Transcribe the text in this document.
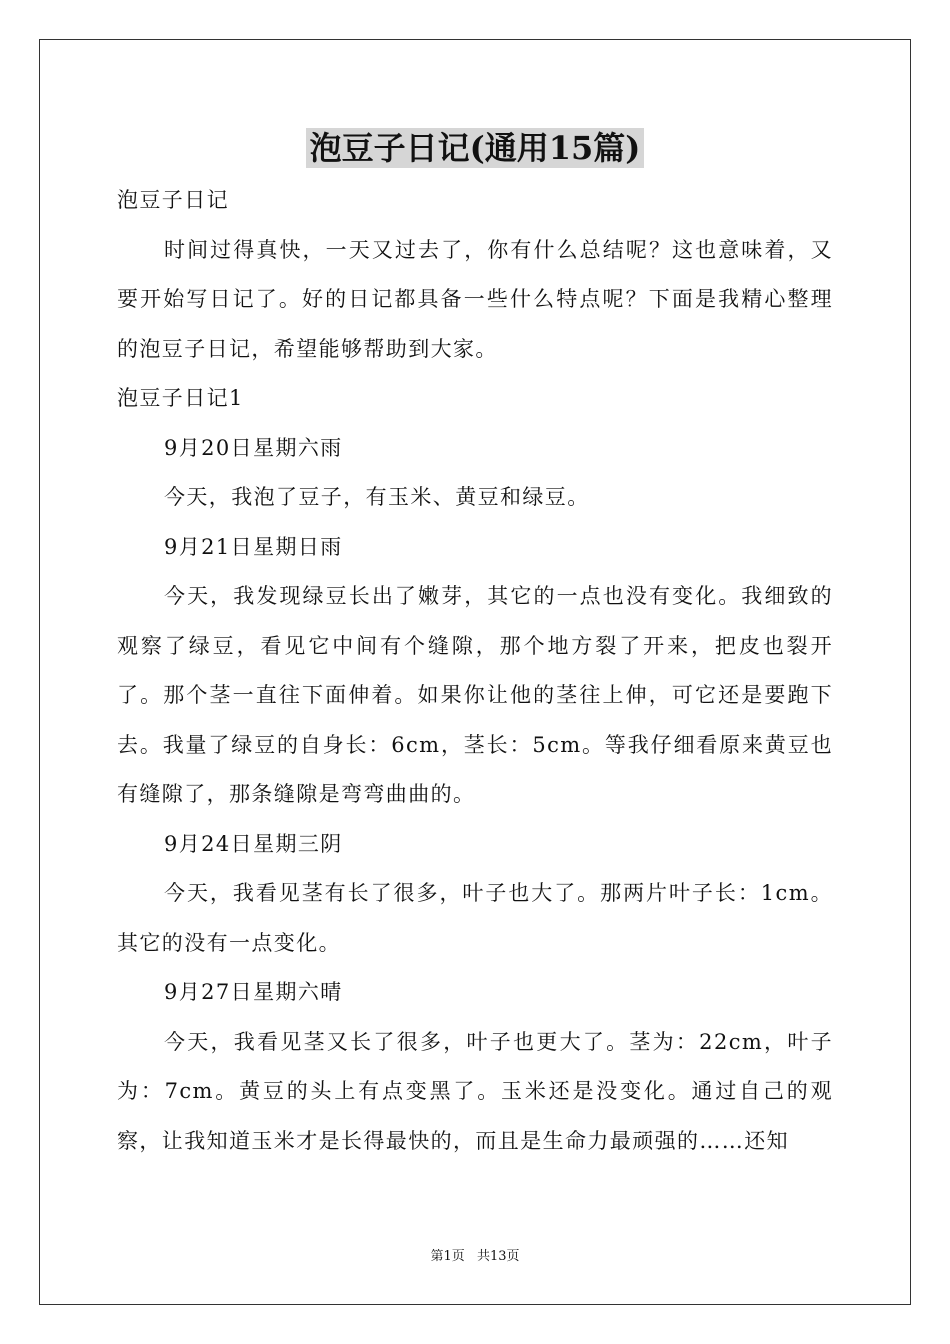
泡豆子日记(通用15篇)

泡豆子日记

时间过得真快，一天又过去了，你有什么总结呢？这也意味着，又要开始写日记了。好的日记都具备一些什么特点呢？下面是我精心整理的泡豆子日记，希望能够帮助到大家。

泡豆子日记1

9月20日星期六雨

今天，我泡了豆子，有玉米、黄豆和绿豆。

9月21日星期日雨

今天，我发现绿豆长出了嫩芽，其它的一点也没有变化。我细致的观察了绿豆，看见它中间有个缝隙，那个地方裂了开来，把皮也裂开了。那个茎一直往下面伸着。如果你让他的茎往上伸，可它还是要跑下去。我量了绿豆的自身长：6cm，茎长：5cm。等我仔细看原来黄豆也有缝隙了，那条缝隙是弯弯曲曲的。

9月24日星期三阴

今天，我看见茎有长了很多，叶子也大了。那两片叶子长：1cm。其它的没有一点变化。

9月27日星期六晴

今天，我看见茎又长了很多，叶子也更大了。茎为：22cm，叶子为：7cm。黄豆的头上有点变黑了。玉米还是没变化。通过自己的观察，让我知道玉米才是长得最快的，而且是生命力最顽强的……还知

第1页 共13页
